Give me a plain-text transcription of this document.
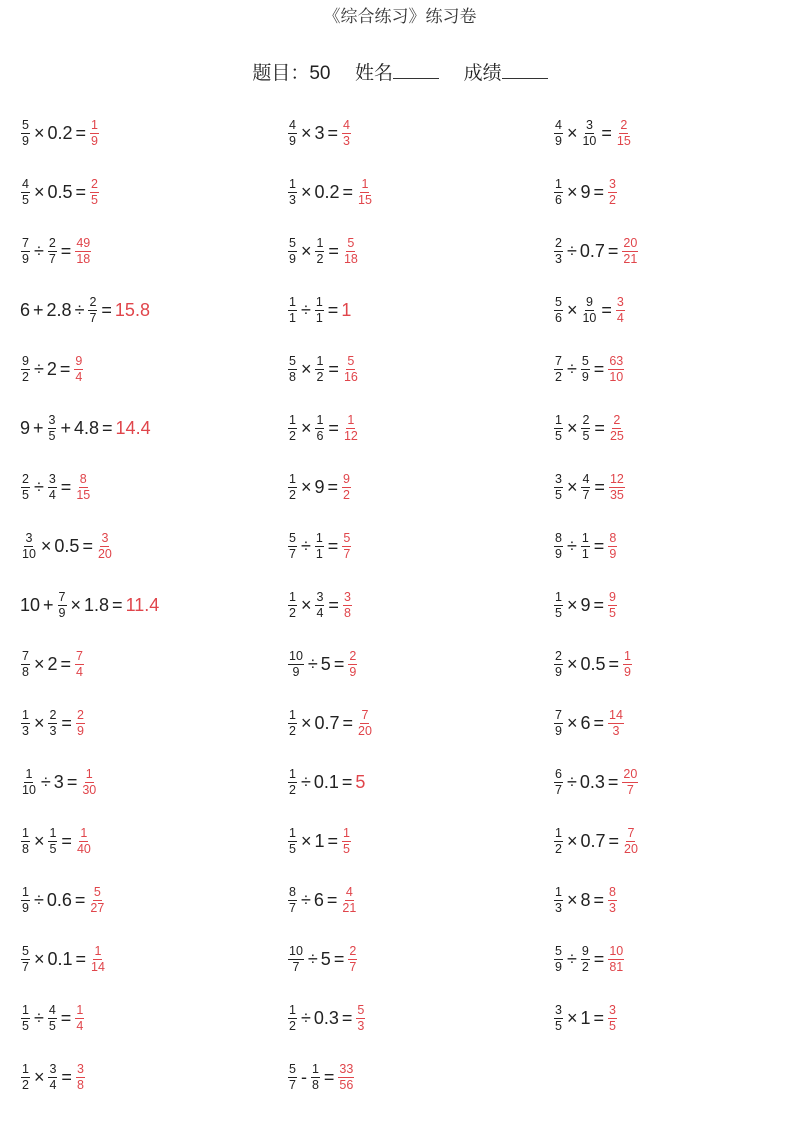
《综合练习》练习卷
题目：50 姓名	成绩
$\frac{5}{9} \times 0.2 = \frac{1}{9}$
$\frac{4}{5} \times 0.5 = \frac{2}{5}$
$\frac{7}{9} \div \frac{2}{7} = \frac{49}{18}$
$6 + 2.8 \div \frac{2}{7} = 15.8$
$\frac{9}{2} \div 2 = \frac{9}{4}$
$9 + \frac{3}{5} + 4.8 = 14.4$
$\frac{2}{5} \div \frac{3}{4} = \frac{8}{15}$
$\frac{3}{10} \times 0.5 = \frac{3}{20}$
$10 + \frac{7}{9} \times 1.8 = 11.4$
$\frac{7}{8} \times 2 = \frac{7}{4}$
$\frac{1}{3} \times \frac{2}{3} = \frac{2}{9}$
$\frac{1}{10} \div 3 = \frac{1}{30}$
$\frac{1}{8} \times \frac{1}{5} = \frac{1}{40}$
$\frac{1}{9} \div 0.6 = \frac{5}{27}$
$\frac{5}{7} \times 0.1 = \frac{1}{14}$
$\frac{1}{5} \div \frac{4}{5} = \frac{1}{4}$
$\frac{1}{2} \times \frac{3}{4} = \frac{3}{8}$
$\frac{4}{9} \times 3 = \frac{4}{3}$
$\frac{1}{3} \times 0.2 = \frac{1}{15}$
$\frac{5}{9} \times \frac{1}{2} = \frac{5}{18}$
$\frac{1}{1} \div \frac{1}{1} = 1$
$\frac{5}{8} \times \frac{1}{2} = \frac{5}{16}$
$\frac{1}{2} \times \frac{1}{6} = \frac{1}{12}$
$\frac{1}{2} \times 9 = \frac{9}{2}$
$\frac{5}{7} \div \frac{1}{1} = \frac{5}{7}$
$\frac{1}{2} \times \frac{3}{4} = \frac{3}{8}$
$\frac{10}{9} \div 5 = \frac{2}{9}$
$\frac{1}{2} \times 0.7 = \frac{7}{20}$
$\frac{1}{2} \div 0.1 = 5$
$\frac{1}{5} \times 1 = \frac{1}{5}$
$\frac{8}{7} \div 6 = \frac{4}{21}$
$\frac{10}{7} \div 5 = \frac{2}{7}$
$\frac{1}{2} \div 0.3 = \frac{5}{3}$
$\frac{5}{7} - \frac{1}{8} = \frac{33}{56}$
$\frac{4}{9} \times \frac{3}{10} = \frac{2}{15}$
$\frac{1}{6} \times 9 = \frac{3}{2}$
$\frac{2}{3} \div 0.7 = \frac{20}{21}$
$\frac{5}{6} \times \frac{9}{10} = \frac{3}{4}$
$\frac{7}{2} \div \frac{5}{9} = \frac{63}{10}$
$\frac{1}{5} \times \frac{2}{5} = \frac{2}{25}$
$\frac{3}{5} \times \frac{4}{7} = \frac{12}{35}$
$\frac{8}{9} \div \frac{1}{1} = \frac{8}{9}$
$\frac{1}{5} \times 9 = \frac{9}{5}$
$\frac{2}{9} \times 0.5 = \frac{1}{9}$
$\frac{7}{9} \times 6 = \frac{14}{3}$
$\frac{6}{7} \div 0.3 = \frac{20}{7}$
$\frac{1}{2} \times 0.7 = \frac{7}{20}$
$\frac{1}{3} \times 8 = \frac{8}{3}$
$\frac{5}{9} \div \frac{9}{2} = \frac{10}{81}$
$\frac{3}{5} \times 1 = \frac{3}{5}$
